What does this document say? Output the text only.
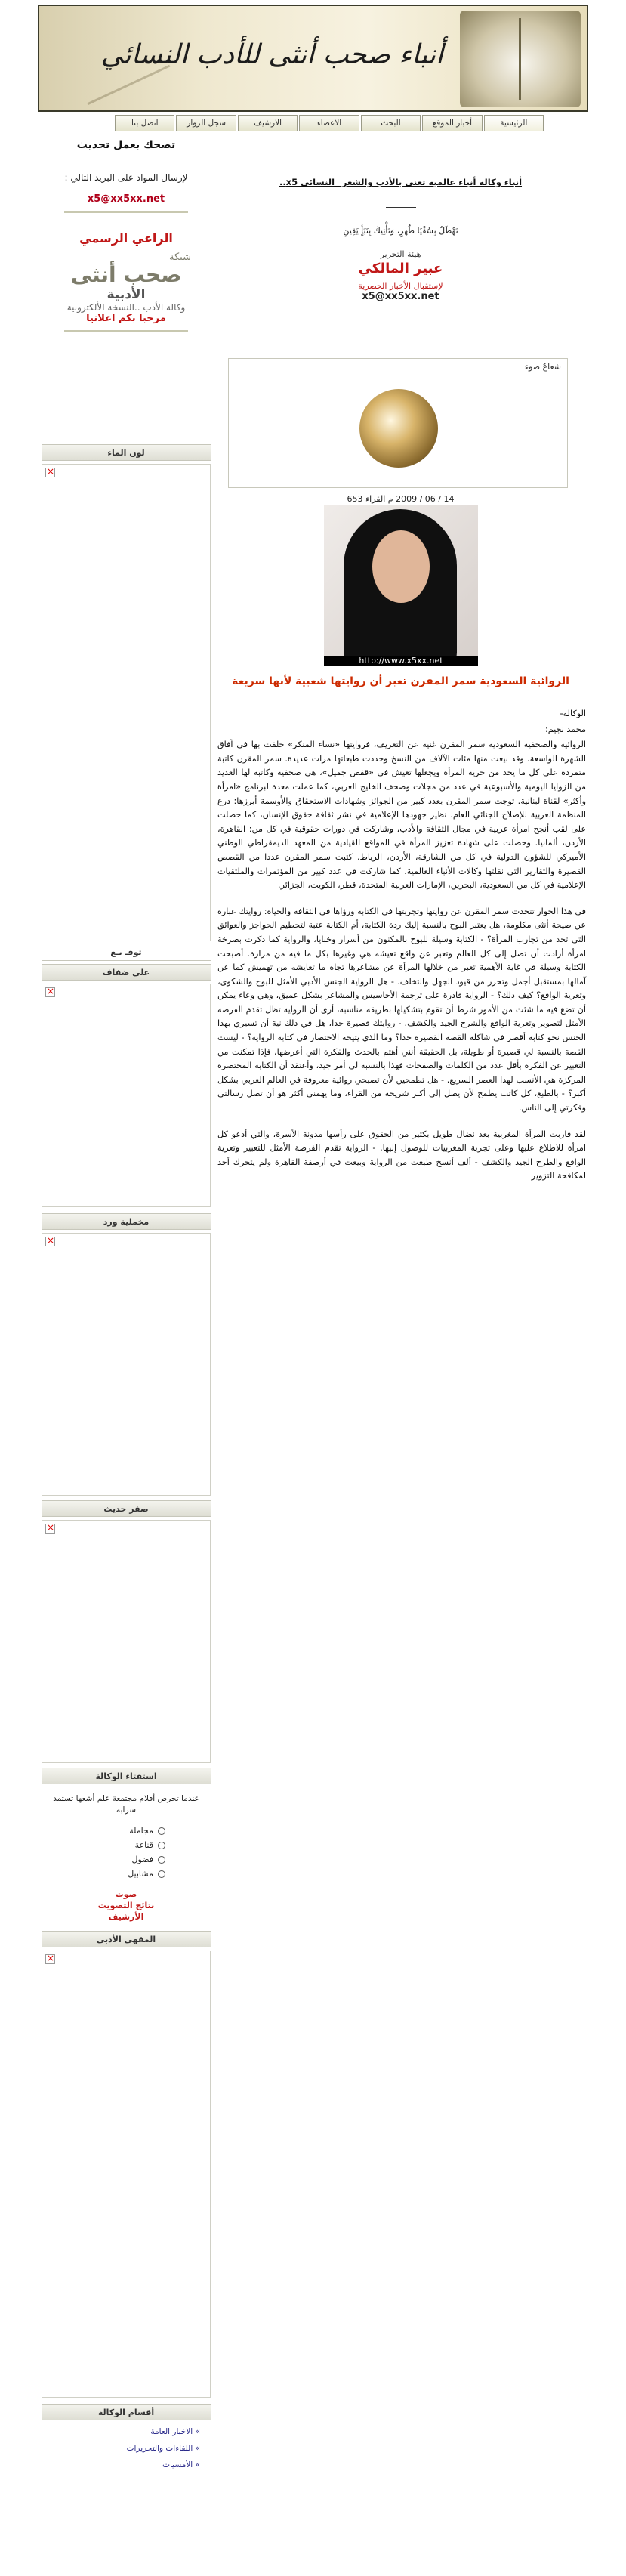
أنباء صحب أنثى للأدب النسائي
الرئيسية
أخبار الموقع
البحث
الاعضاء
الارشيف
سجل الزوار
اتصل بنا
تصحك بعمل تحديث
لإرسال المواد على البريد التالي :
x5@xx5xx.net
الراعي الرسمي
شبكة
صحب أنثى
الأدبية
وكالة الأدب ..النسخة الألكترونية
مرحبا بكم اعلانيا
لون الماء
×
توقـ يـع
على ضفاف
×
مخملية ورد
×
صفر حديث
×
استفتاء الوكالة
عندما تحرص أقلام مجتمعة علم أشعها تستمد سرابه
مجاملة
قناعة
فضول
مشابيل
صوت
نتائج التصويت
الأرشيف
المقهى الأدبي
×
أقسام الوكالة
» الاخبار العامة
» اللقاءات والتحريرات
» الأمسيات
أنباء وكالة أنباء عالمية تعنى بالأدب والشعر _النسائي x5..
نَهْطَلُ بِسُقْيَا طُهرٍ، وَنَأْتِيكَ بِنَبَأٍ يَقِينِ
هيئة التحرير
عبير المالكي
لإستقبال الأخبار الحصرية
x5@xx5xx.net
شعاعُ ضوء
14 / 06 / 2009 م القراء 653
http://www.x5xx.net
الروائية السعودية سمر المقرن تعبر أن روايتها شعبية لأنها سريعة

الوكالة-

محمد نجيم:

الروائية والصحفية السعودية سمر المقرن غنية عن التعريف، فروايتها «نساء المنكر» خلفت بها في آفاق الشهرة الواسعة، وقد بيعت منها مئات الآلاف من النسخ وجددت طبعاتها مرات عديدة. سمر المقرن كاتبة متمردة على كل ما يحد من حرية المرأة ويجعلها تعيش في «قفص جميل»، هي صحفية وكاتبة لها العديد من الزوايا اليومية والأسبوعية في عدد من مجلات وصحف الخليج العربي، كما عملت معدة لبرنامج «امرأة وأكثر» لقناة لبنانية. توجت سمر المقرن بعدد كبير من الجوائز وشهادات الاستحقاق والأوسمة أبرزها: درع المنظمة العربية للإصلاح الجنائي العام، نظير جهودها الإعلامية في نشر ثقافة حقوق الإنسان، كما حصلت على لقب أنجح امرأة عربية في مجال الثقافة والأدب، وشاركت في دورات حقوقية في كل من: القاهرة، الأردن، ألمانيا. وحصلت على شهادة تعزيز المرأة في المواقع القيادية من المعهد الديمقراطي الوطني الأميركي للشؤون الدولية في كل من الشارقة، الأردن، الرباط. كتبت سمر المقرن عددا من القصص القصيرة والتقارير التي نقلتها وكالات الأنباء العالمية، كما شاركت في عدد كبير من المؤتمرات والملتقيات الإعلامية في كل من السعودية، البحرين، الإمارات العربية المتحدة، قطر، الكويت، الجزائر.

في هذا الحوار تتحدث سمر المقرن عن روايتها وتجربتها في الكتابة ورؤاها في الثقافة والحياة: روايتك عبارة عن صيحة أنثى مكلومة، هل يعتبر البوح بالنسبة إليك ردة الكتابة، أم الكتابة عتبة لتحطيم الحواجز والعوائق التي تحد من تجارب المرأة؟ - الكتابة وسيلة للبوح بالمكنون من أسرار وخبايا، والرواية كما ذكرت بصرخة امرأة أرادت أن تصل إلى كل العالم وتعبر عن واقع تعيشه هي وغيرها بكل ما فيه من مرارة. أصبحت الكتابة وسيلة في غاية الأهمية تعبر من خلالها المرأة عن مشاعرها تجاه ما تعايشه من تهميش كما عن آمالها بمستقبل أجمل وتحرر من قيود الجهل والتخلف. - هل الرواية الجنس الأدبي الأمثل للبوح والشكوى، وتعرية الواقع؟ كيف ذلك؟ - الرواية قادرة على ترجمة الأحاسيس والمشاعر بشكل عميق، وهي وعاء يمكن أن تضع فيه ما شئت من الأمور شرط أن تقوم بتشكيلها بطريقة مناسبة، أرى أن الرواية تظل تقدم الفرصة الأمثل لتصوير وتعرية الواقع والشرح الجيد والكشف. - روايتك قصيرة جدا، هل في ذلك نية أن تسيري بهذا الجنس نحو كتابة أقصر في شاكلة القصة القصيرة جدا؟ وما الذي يتيحه الاختصار في كتابة الرواية؟ - ليست القصة بالنسبة لي قصيرة أو طويلة، بل الحقيقة أنني أهتم بالحدث والفكرة التي أعرضها، فإذا تمكنت من التعبير عن الفكرة بأقل عدد من الكلمات والصفحات فهذا بالنسبة لي أمر جيد، وأعتقد أن الكتابة المختصرة المركزة هي الأنسب لهذا العصر السريع. - هل تطمحين لأن تصبحي روائية معروفة في العالم العربي بشكل أكبر؟ - بالطبع، كل كاتب يطمح لأن يصل إلى أكبر شريحة من القراء، وما يهمني أكثر هو أن تصل رسالتي وفكرتي إلى الناس.

لقد قاربت المرأة المغربية بعد نضال طويل بكثير من الحقوق على رأسها مدونة الأسرة، والتي أدعو كل امرأة للاطلاع عليها وعلى تجربة المغربيات للوصول إليها. - الرواية تقدم الفرصة الأمثل للتعبير وتعرية الواقع والطرح الجيد والكشف - ألف أنسخ طبعت من الرواية وبيعت في أرصفة القاهرة ولم يتحرك أحد لمكافحة التزوير
